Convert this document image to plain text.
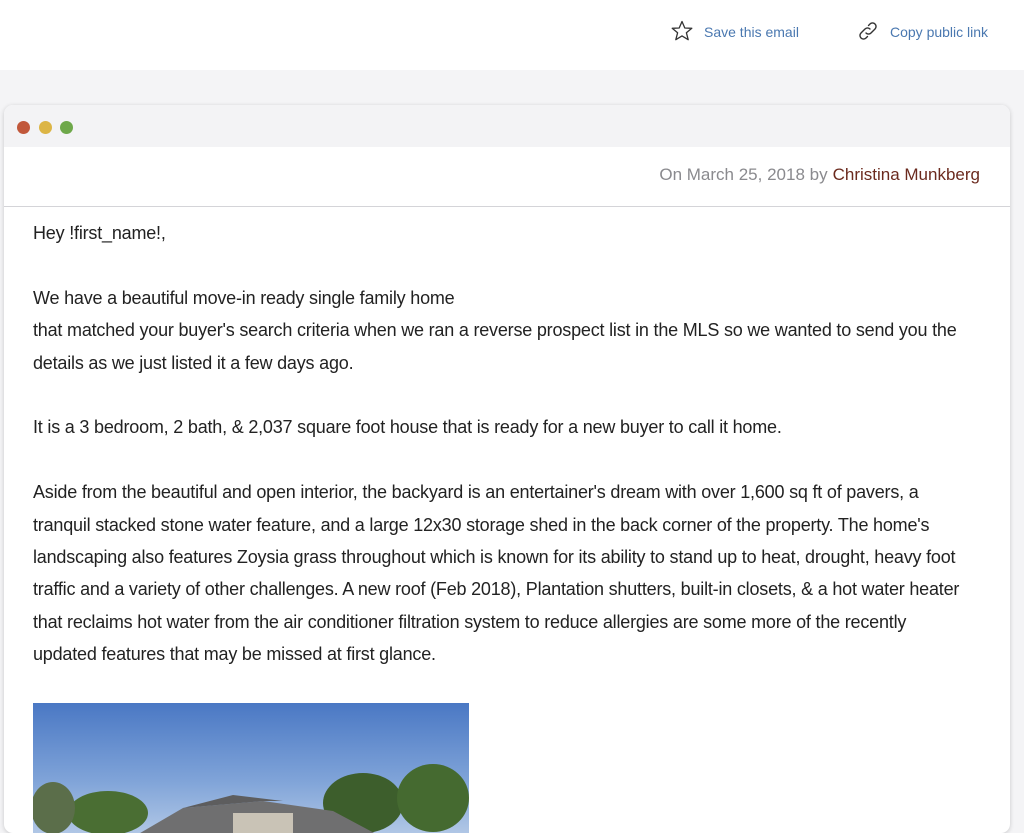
Save this email	Copy public link
On March 25, 2018 by Christina Munkberg

Hey !first_name!,

We have a beautiful move-in ready single family home
that matched your buyer's search criteria when we ran a reverse prospect list in the MLS so we wanted to send you the details as we just listed it a few days ago.

It is a 3 bedroom, 2 bath, & 2,037 square foot house that is ready for a new buyer to call it home.

Aside from the beautiful and open interior, the backyard is an entertainer's dream with over 1,600 sq ft of pavers, a tranquil stacked stone water feature, and a large 12x30 storage shed in the back corner of the property. The home's landscaping also features Zoysia grass throughout which is known for its ability to stand up to heat, drought, heavy foot traffic and a variety of other challenges. A new roof (Feb 2018), Plantation shutters, built-in closets, & a hot water heater that reclaims hot water from the air conditioner filtration system to reduce allergies are some more of the recently updated features that may be missed at first glance.
